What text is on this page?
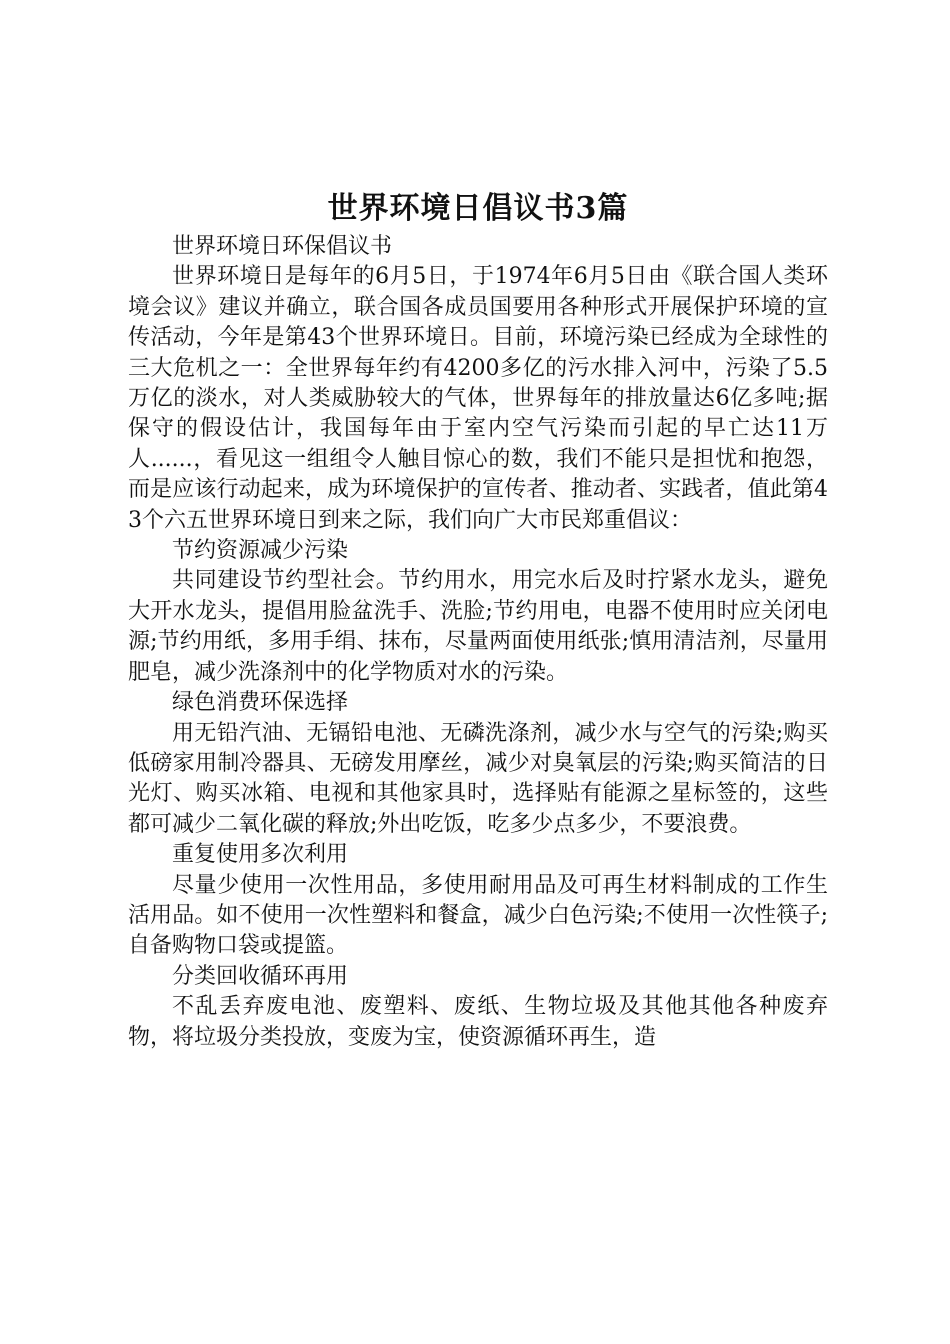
世界环境日倡议书3篇

世界环境日环保倡议书

世界环境日是每年的6月5日，于1974年6月5日由《联合国人类环境会议》建议并确立，联合国各成员国要用各种形式开展保护环境的宣传活动，今年是第43个世界环境日。目前，环境污染已经成为全球性的三大危机之一：全世界每年约有4200多亿的污水排入河中，污染了5.5万亿的淡水，对人类威胁较大的气体，世界每年的排放量达6亿多吨;据保守的假设估计，我国每年由于室内空气污染而引起的早亡达11万人......，看见这一组组令人触目惊心的数，我们不能只是担忧和抱怨，而是应该行动起来，成为环境保护的宣传者、推动者、实践者，值此第43个六五世界环境日到来之际，我们向广大市民郑重倡议：

节约资源减少污染

共同建设节约型社会。节约用水，用完水后及时拧紧水龙头，避免大开水龙头，提倡用脸盆洗手、洗脸;节约用电，电器不使用时应关闭电源;节约用纸，多用手绢、抹布，尽量两面使用纸张;慎用清洁剂，尽量用肥皂，减少洗涤剂中的化学物质对水的污染。

绿色消费环保选择

用无铅汽油、无镉铅电池、无磷洗涤剂，减少水与空气的污染;购买低磅家用制冷器具、无磅发用摩丝，减少对臭氧层的污染;购买简洁的日光灯、购买冰箱、电视和其他家具时，选择贴有能源之星标签的，这些都可减少二氧化碳的释放;外出吃饭，吃多少点多少，不要浪费。

重复使用多次利用

尽量少使用一次性用品，多使用耐用品及可再生材料制成的工作生活用品。如不使用一次性塑料和餐盒，减少白色污染;不使用一次性筷子;自备购物口袋或提篮。

分类回收循环再用

不乱丢弃废电池、废塑料、废纸、生物垃圾及其他其他各种废弃物，将垃圾分类投放，变废为宝，使资源循环再生，造
